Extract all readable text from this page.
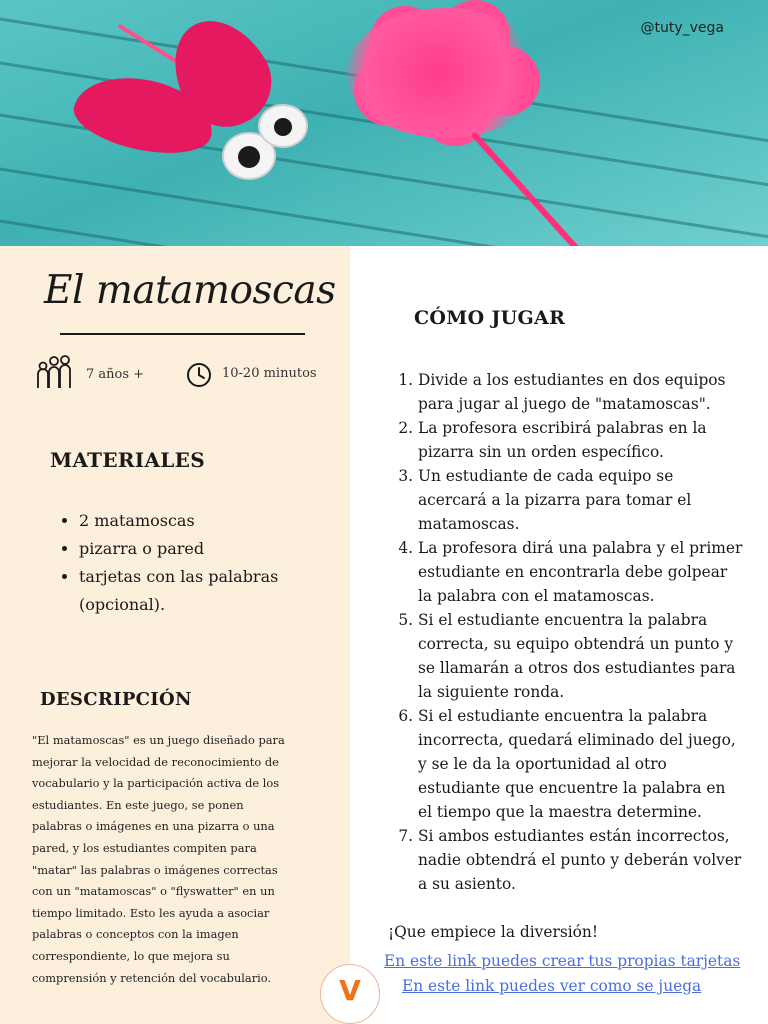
@tuty_vega
El matamoscas
7 años +	10-20 minutos
MATERIALES
• 2 matamoscas
• pizarra o pared
• tarjetas con las palabras (opcional).
DESCRIPCIÓN
"El matamoscas" es un juego diseñado para mejorar la velocidad de reconocimiento de vocabulario y la participación activa de los estudiantes. En este juego, se ponen palabras o imágenes en una pizarra o una pared, y los estudiantes compiten para "matar" las palabras o imágenes correctas con un "matamoscas" o "flyswatter" en un tiempo limitado. Esto les ayuda a asociar palabras o conceptos con la imagen correspondiente, lo que mejora su comprensión y retención del vocabulario.	V
CÓMO JUGAR
1. Divide a los estudiantes en dos equipos para jugar al juego de "matamoscas".
2. La profesora escribirá palabras en la pizarra sin un orden específico.
3. Un estudiante de cada equipo se acercará a la pizarra para tomar el matamoscas.
4. La profesora dirá una palabra y el primer estudiante en encontrarla debe golpear la palabra con el matamoscas.
5. Si el estudiante encuentra la palabra correcta, su equipo obtendrá un punto y se llamarán a otros dos estudiantes para la siguiente ronda.
6. Si el estudiante encuentra la palabra incorrecta, quedará eliminado del juego, y se le da la oportunidad al otro estudiante que encuentre la palabra en el tiempo que la maestra determine.
7. Si ambos estudiantes están incorrectos, nadie obtendrá el punto y deberán volver a su asiento.
¡Que empiece la diversión!
En este link puedes crear tus propias tarjetas
En este link puedes ver como se juega
